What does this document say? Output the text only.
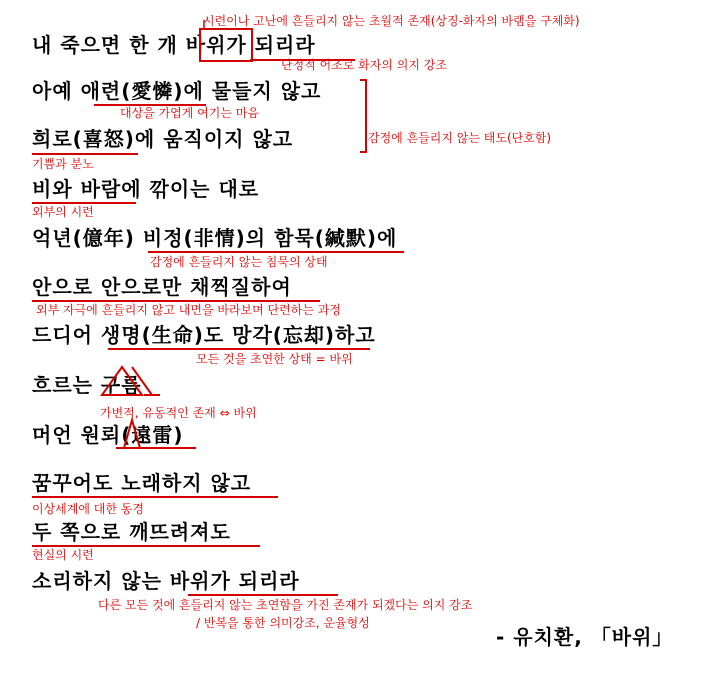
내 죽으면 한 개 바위가 되리라
아예 애련(愛憐)에 물들지 않고
희로(喜怒)에 움직이지 않고
비와 바람에 깎이는 대로
억년(億年) 비정(非情)의 함묵(緘默)에
안으로 안으로만 채찍질하여
드디어 생명(生命)도 망각(忘却)하고
흐르는 구름
머언 원뢰(遠雷)
꿈꾸어도 노래하지 않고
두 쪽으로 깨뜨려져도
소리하지 않는 바위가 되리라
- 유치환, 「바위」
시련이나 고난에 흔들리지 않는 초월적 존재(상징-화자의 바램을 구체화)
단정적 어조로 화자의 의지 강조
대상을 가엽게 여기는 마음
감정에 흔들리지 않는 태도(단호함)
기쁨과 분노
외부의 시련
감정에 흔들리지 않는 침묵의 상태
외부 자극에 흔들리지 않고 내면을 바라보며 단련하는 과정
모든 것을 초연한 상태 = 바위
가변적, 유동적인 존재 ⇔ 바위
이상세계에 대한 동경
현실의 시련
다른 모든 것에 흔들리지 않는 초연함을 가진 존재가 되겠다는 의지 강조
/ 반복을 통한 의미강조, 운율형성
